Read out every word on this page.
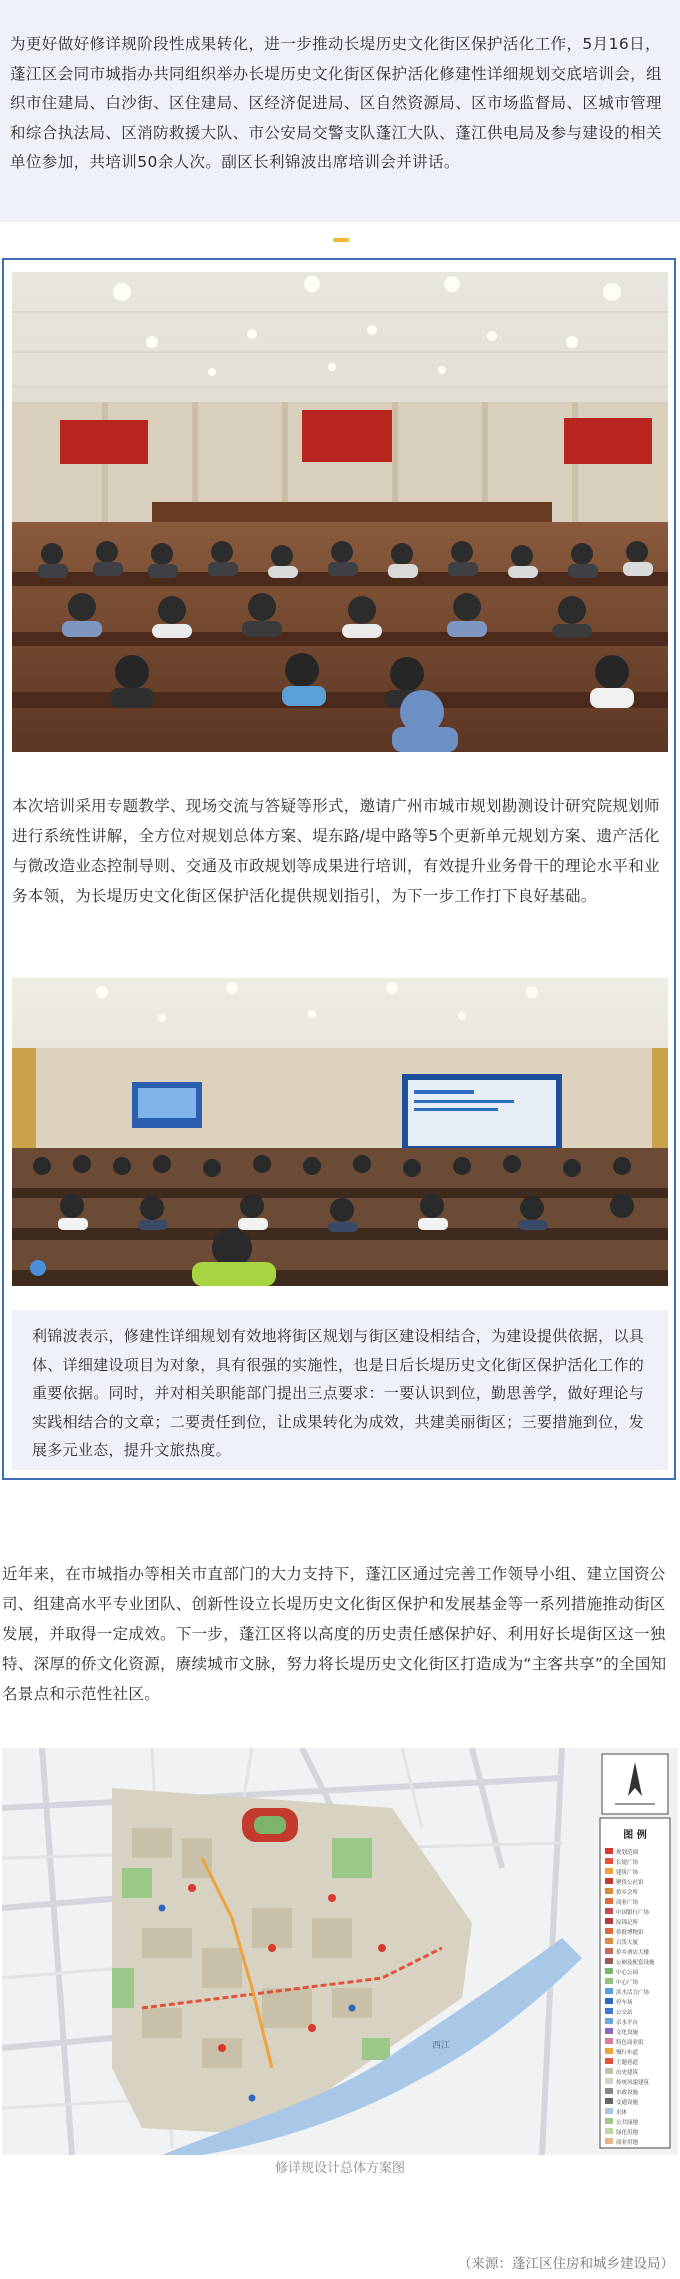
为更好做好修详规阶段性成果转化，进一步推动长堤历史文化街区保护活化工作，5月16日，蓬江区会同市城指办共同组织举办长堤历史文化街区保护活化修建性详细规划交底培训会，组织市住建局、白沙街、区住建局、区经济促进局、区自然资源局、区市场监督局、区城市管理和综合执法局、区消防救援大队、市公安局交警支队蓬江大队、蓬江供电局及参与建设的相关单位参加，共培训50余人次。副区长利锦波出席培训会并讲话。

本次培训采用专题教学、现场交流与答疑等形式，邀请广州市城市规划勘测设计研究院规划师进行系统性讲解，全方位对规划总体方案、堤东路/堤中路等5个更新单元规划方案、遗产活化与微改造业态控制导则、交通及市政规划等成果进行培训，有效提升业务骨干的理论水平和业务本领，为长堤历史文化街区保护活化提供规划指引，为下一步工作打下良好基础。

利锦波表示，修建性详细规划有效地将街区规划与街区建设相结合，为建设提供依据，以具体、详细建设项目为对象，具有很强的实施性，也是日后长堤历史文化街区保护活化工作的重要依据。同时，并对相关职能部门提出三点要求：一要认识到位，勤思善学，做好理论与实践相结合的文章；二要责任到位，让成果转化为成效，共建美丽街区；三要措施到位，发展多元业态，提升文旅热度。

近年来，在市城指办等相关市直部门的大力支持下，蓬江区通过完善工作领导小组、建立国资公司、组建高水平专业团队、创新性设立长堤历史文化街区保护和发展基金等一系列措施推动街区发展，并取得一定成效。下一步，蓬江区将以高度的历史责任感保护好、利用好长堤街区这一独特、深厚的侨文化资源，赓续城市文脉，努力将长堤历史文化街区打造成为“主客共享”的全国知名景点和示范性社区。

西江
图 例
规划范围
长堤广场
建筑广场
聚侨公社馆
侨乡会所
商业广场
中国银行广场
原锦记所
侨批博物馆
百货大厦
侨乡酒店大楼
公厕及配套设施
中心公园
中心广场
滨水活力广场
停车场
公交站
亲水平台
文化设施
特色商业街
慢行步道
主题巷道
历史建筑
传统风貌建筑
市政设施
交通设施
水体
公共绿地
绿化用地
商业用地
修详规设计总体方案图
（来源：蓬江区住房和城乡建设局）
